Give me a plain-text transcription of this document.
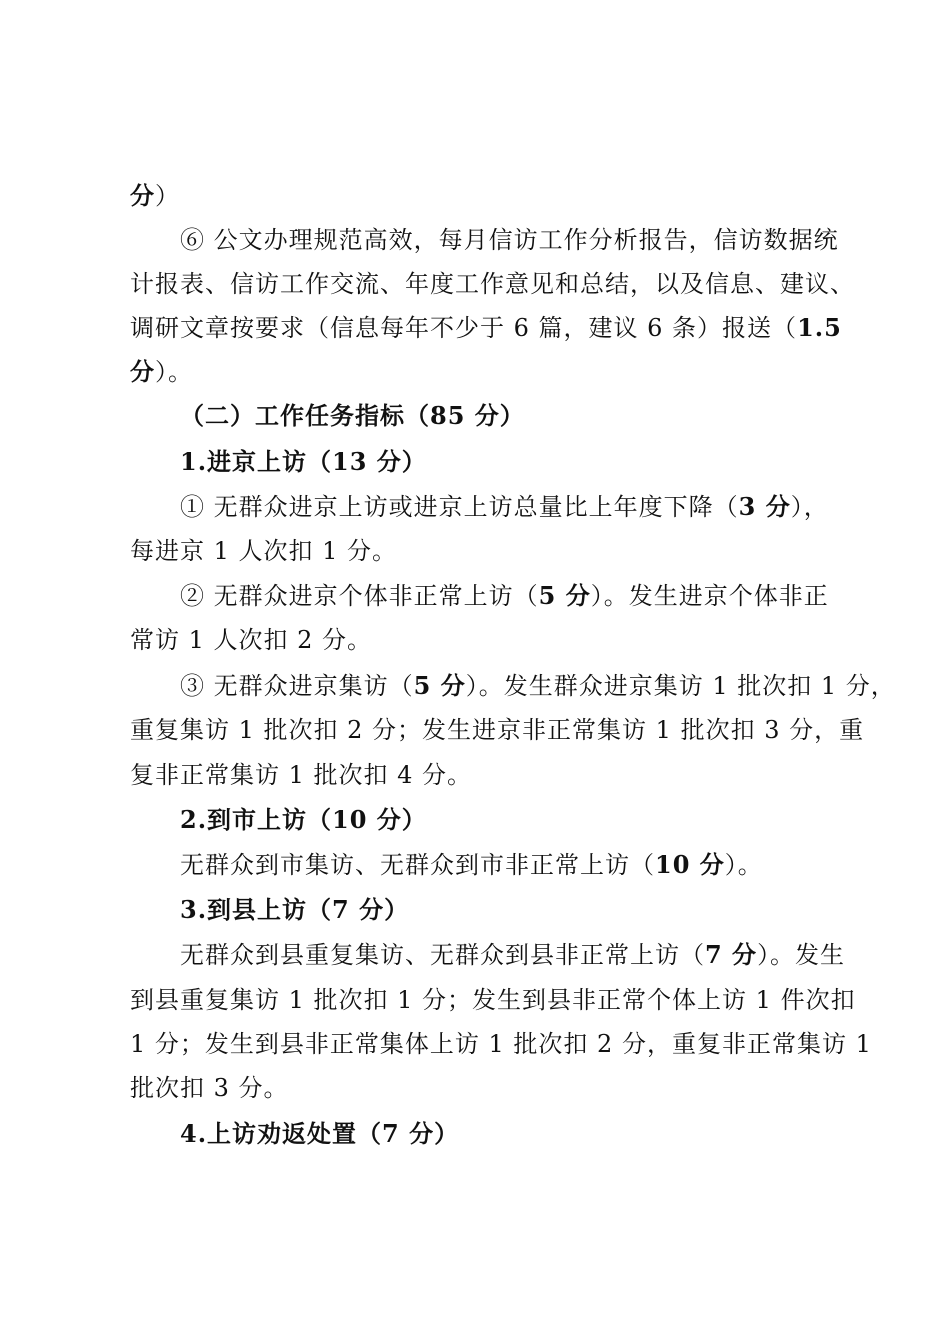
分）
⑥ 公文办理规范高效，每月信访工作分析报告，信访数据统
计报表、信访工作交流、年度工作意见和总结，以及信息、建议、
调研文章按要求（信息每年不少于 6 篇，建议 6 条）报送（1.5
分）。
（二）工作任务指标（85 分）
1.进京上访（13 分）
① 无群众进京上访或进京上访总量比上年度下降（3 分），
每进京 1 人次扣 1 分。
② 无群众进京个体非正常上访（5 分）。发生进京个体非正
常访 1 人次扣 2 分。
③ 无群众进京集访（5 分）。发生群众进京集访 1 批次扣 1 分，
重复集访 1 批次扣 2 分；发生进京非正常集访 1 批次扣 3 分，重
复非正常集访 1 批次扣 4 分。
2.到市上访（10 分）
无群众到市集访、无群众到市非正常上访（10 分）。
3.到县上访（7 分）
无群众到县重复集访、无群众到县非正常上访（7 分）。发生
到县重复集访 1 批次扣 1 分；发生到县非正常个体上访 1 件次扣
1 分；发生到县非正常集体上访 1 批次扣 2 分，重复非正常集访 1
批次扣 3 分。
4.上访劝返处置（7 分）
